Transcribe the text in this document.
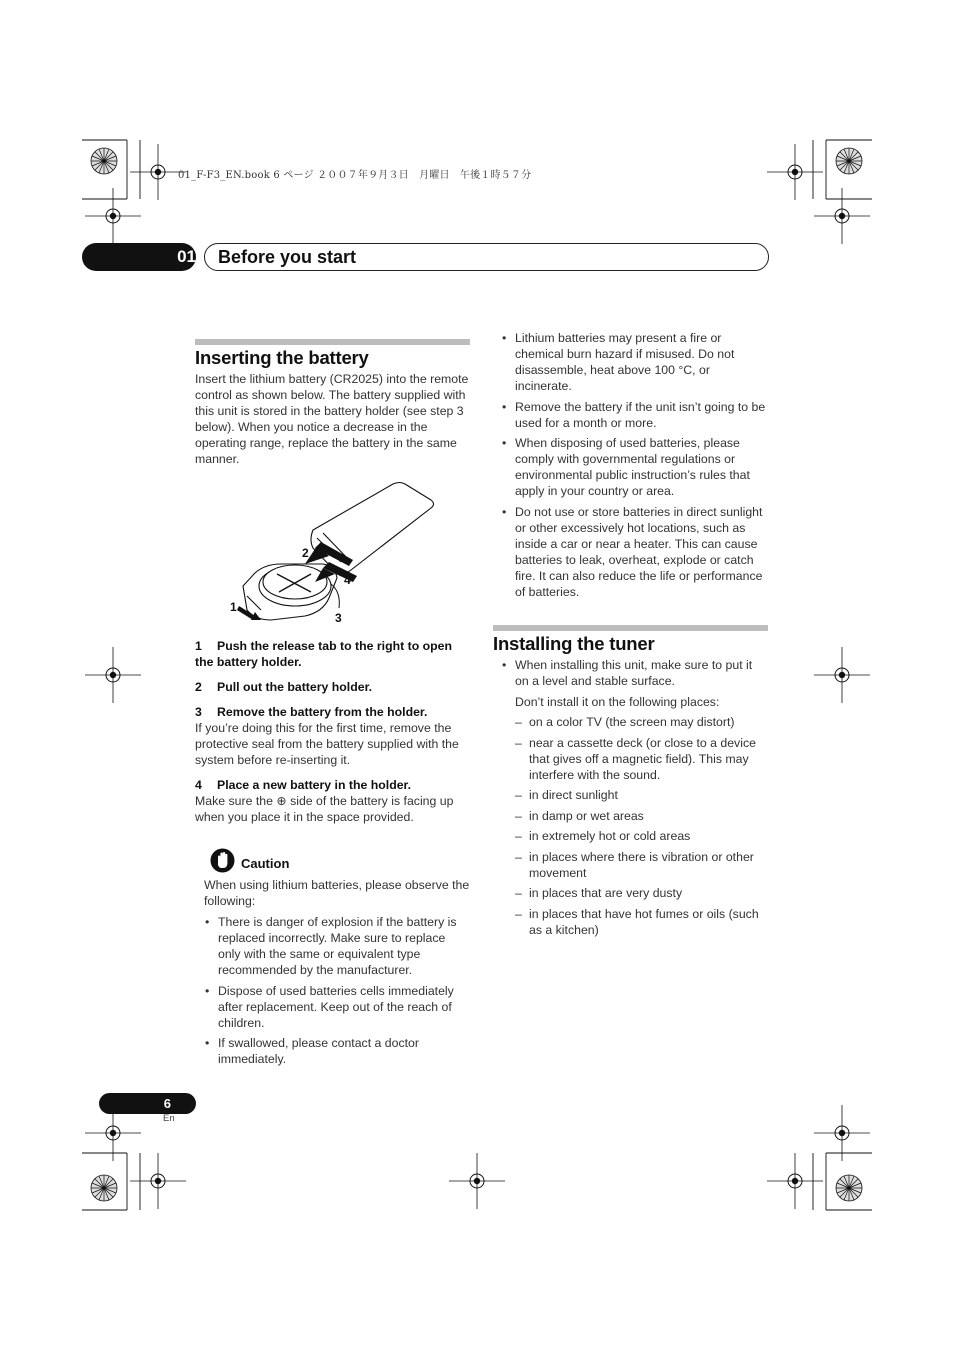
01_F-F3_EN.book 6 ページ ２００７年９月３日　月曜日　午後１時５７分
01 Before you start
Inserting the battery
Insert the lithium battery (CR2025) into the remote control as shown below. The battery supplied with this unit is stored in the battery holder (see step 3 below). When you notice a decrease in the operating range, replace the battery in the same manner.
1
2
3
4
1 Push the release tab to the right to open the battery holder.
2 Pull out the battery holder.
3 Remove the battery from the holder.
If you’re doing this for the first time, remove the protective seal from the battery supplied with the system before re-inserting it.
4 Place a new battery in the holder.
Make sure the ⊕ side of the battery is facing up when you place it in the space provided.
Caution
When using lithium batteries, please observe the following:
• There is danger of explosion if the battery is replaced incorrectly. Make sure to replace only with the same or equivalent type recommended by the manufacturer.
• Dispose of used batteries cells immediately after replacement. Keep out of the reach of children.
• If swallowed, please contact a doctor immediately.
• Lithium batteries may present a fire or chemical burn hazard if misused. Do not disassemble, heat above 100 °C, or incinerate.
• Remove the battery if the unit isn’t going to be used for a month or more.
• When disposing of used batteries, please comply with governmental regulations or environmental public instruction’s rules that apply in your country or area.
• Do not use or store batteries in direct sunlight or other excessively hot locations, such as inside a car or near a heater. This can cause batteries to leak, overheat, explode or catch fire. It can also reduce the life or performance of batteries.
Installing the tuner
• When installing this unit, make sure to put it on a level and stable surface.
Don’t install it on the following places:
– on a color TV (the screen may distort)
– near a cassette deck (or close to a device that gives off a magnetic field). This may interfere with the sound.
– in direct sunlight
– in damp or wet areas
– in extremely hot or cold areas
– in places where there is vibration or other movement
– in places that are very dusty
– in places that have hot fumes or oils (such as a kitchen)
6
En
